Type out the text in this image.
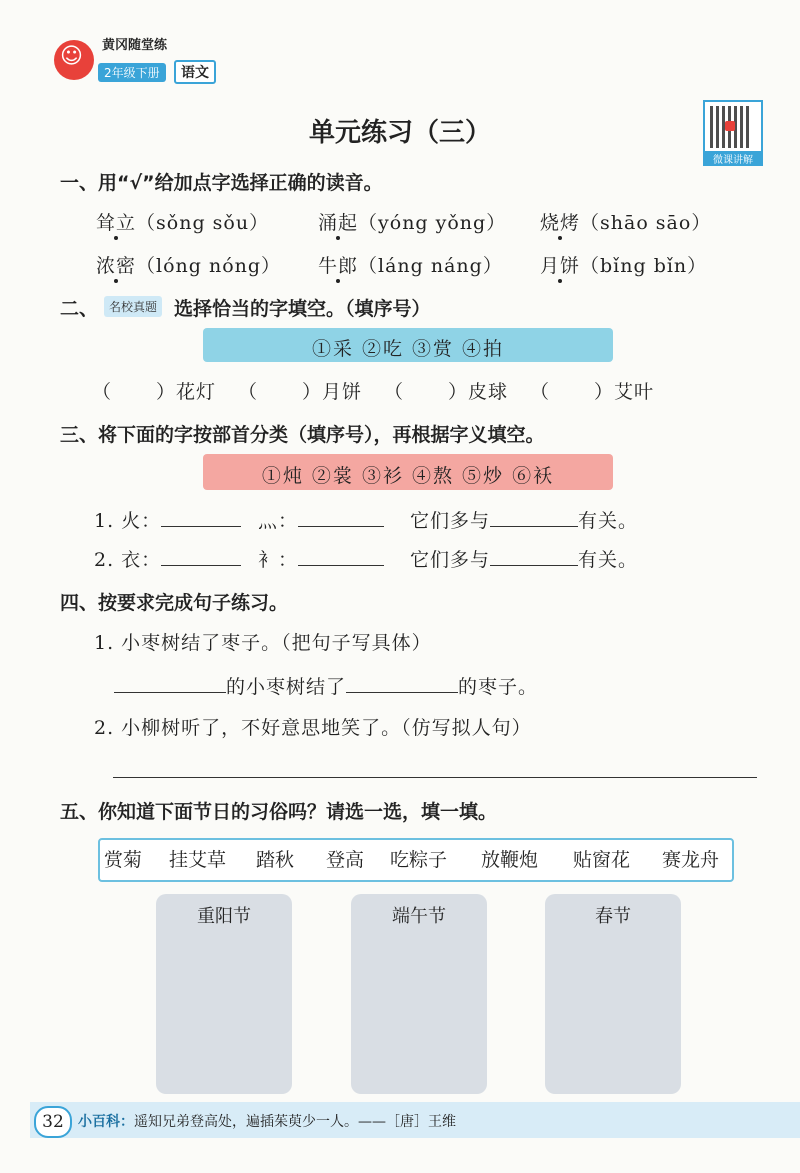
☺ 黄冈随堂练
2年级下册	语文
单元练习（三）
微课讲解
一、用“√”给加点字选择正确的读音。
耸立（sǒng sǒu）	涌起（yóng yǒng） 烧烤（shāo sāo）
浓密（lóng nóng） 牛郎（láng náng） 月饼（bǐng bǐn）
二、 名校真题 选择恰当的字填空。（填序号）
①采 ②吃 ③赏 ④拍
（ ）花灯 （ ）月饼 （ ）皮球 （ ）艾叶
三、将下面的字按部首分类（填序号），再根据字义填空。
①炖 ②裳 ③衫 ④熬 ⑤炒 ⑥袄
1. 火：	灬：	它们多与	有关。
2. 衣：	衤：	它们多与	有关。
四、按要求完成句子练习。
1. 小枣树结了枣子。（把句子写具体）
的小枣树结了	的枣子。
2. 小柳树听了，不好意思地笑了。（仿写拟人句）
五、你知道下面节日的习俗吗？请选一选，填一填。
赏菊 挂艾草 踏秋 登高 吃粽子 放鞭炮 贴窗花 赛龙舟
重阳节	端午节	春节
32	小百科：遥知兄弟登高处，遍插茱萸少一人。——［唐］王维
